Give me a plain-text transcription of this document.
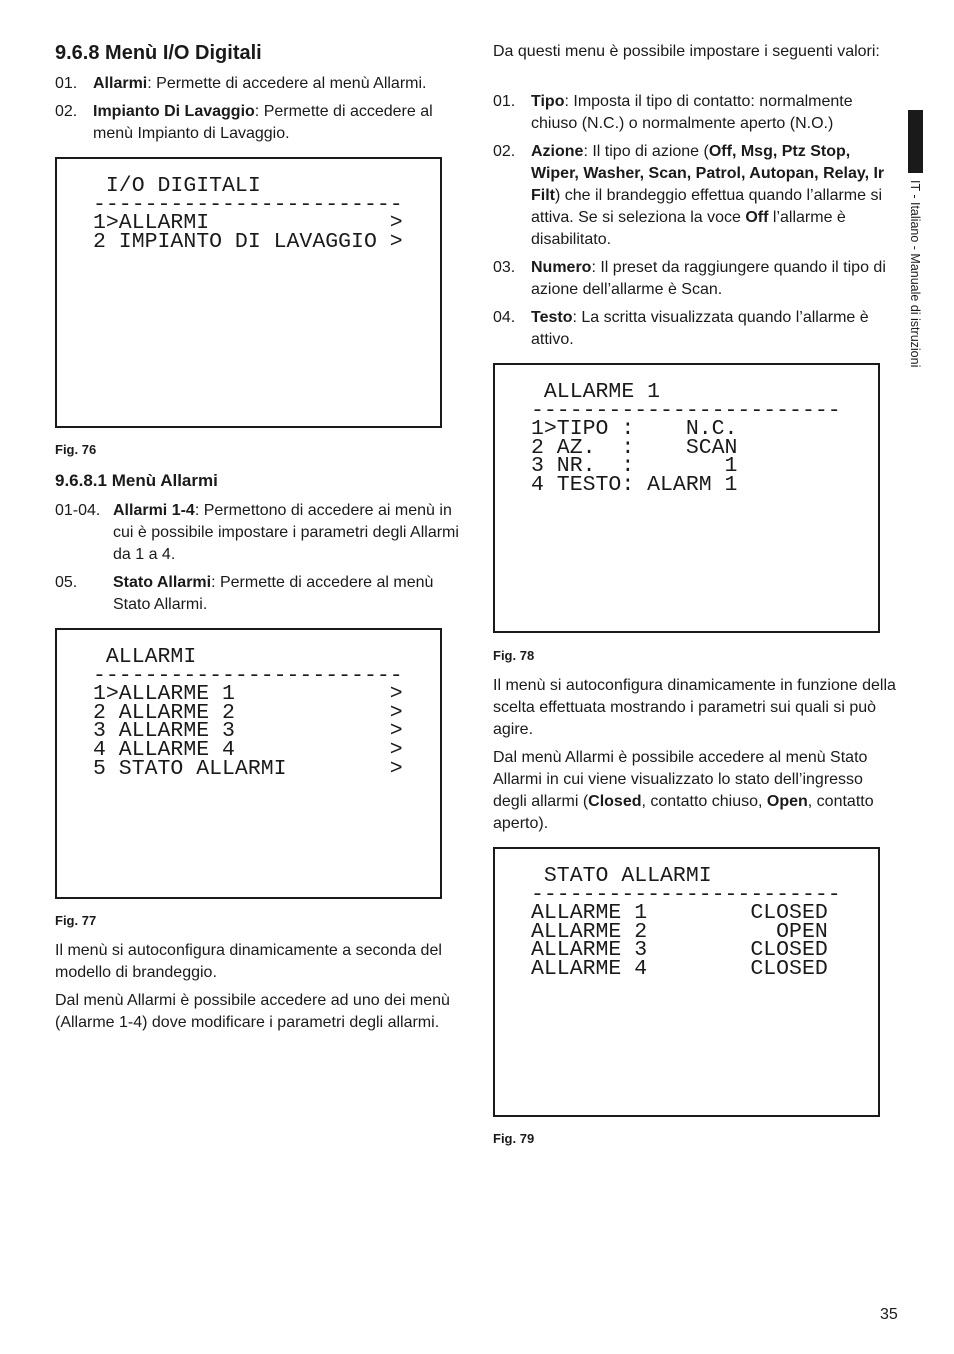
9.6.8 Menù I/O Digitali
01. Allarmi: Permette di accedere al menù Allarmi.
02. Impianto Di Lavaggio: Permette di accedere al menù Impianto di Lavaggio.
I/O DIGITALI
------------------------
1>ALLARMI              >
2 IMPIANTO DI LAVAGGIO >
Fig. 76
9.6.8.1 Menù Allarmi
01-04. Allarmi 1-4: Permettono di accedere ai menù in cui è possibile impostare i parametri degli Allarmi da 1 a 4.
05. Stato Allarmi: Permette di accedere al menù Stato Allarmi.
ALLARMI
------------------------
1>ALLARME 1            >
2 ALLARME 2            >
3 ALLARME 3            >
4 ALLARME 4            >
5 STATO ALLARMI        >
Fig. 77
Il menù si autoconfigura dinamicamente a seconda del modello di brandeggio.
Dal menù Allarmi è possibile accedere ad uno dei menù (Allarme 1-4) dove modificare i parametri degli allarmi.
Da questi menu è possibile impostare i seguenti valori:
01. Tipo: Imposta il tipo di contatto: normalmente chiuso (N.C.) o normalmente aperto (N.O.)
02. Azione: Il tipo di azione (Off, Msg, Ptz Stop, Wiper, Washer, Scan, Patrol, Autopan, Relay, Ir Filt) che il brandeggio effettua quando l’allarme si attiva. Se si seleziona la voce Off l’allarme è disabilitato.
03. Numero: Il preset da raggiungere quando il tipo di azione dell’allarme è Scan.
04. Testo: La scritta visualizzata quando l’allarme è attivo.
ALLARME 1
------------------------
1>TIPO :    N.C.
2 AZ.  :    SCAN
3 NR.  :       1
4 TESTO: ALARM 1
Fig. 78
Il menù si autoconfigura dinamicamente in funzione della scelta effettuata mostrando i parametri sui quali si può agire.
Dal menù Allarmi è possibile accedere al menù Stato Allarmi in cui viene visualizzato lo stato dell’ingresso degli allarmi (Closed, contatto chiuso, Open, contatto aperto).
STATO ALLARMI
------------------------
ALLARME 1        CLOSED
ALLARME 2          OPEN
ALLARME 3        CLOSED
ALLARME 4        CLOSED
Fig. 79
IT - Italiano - Manuale di istruzioni
35
